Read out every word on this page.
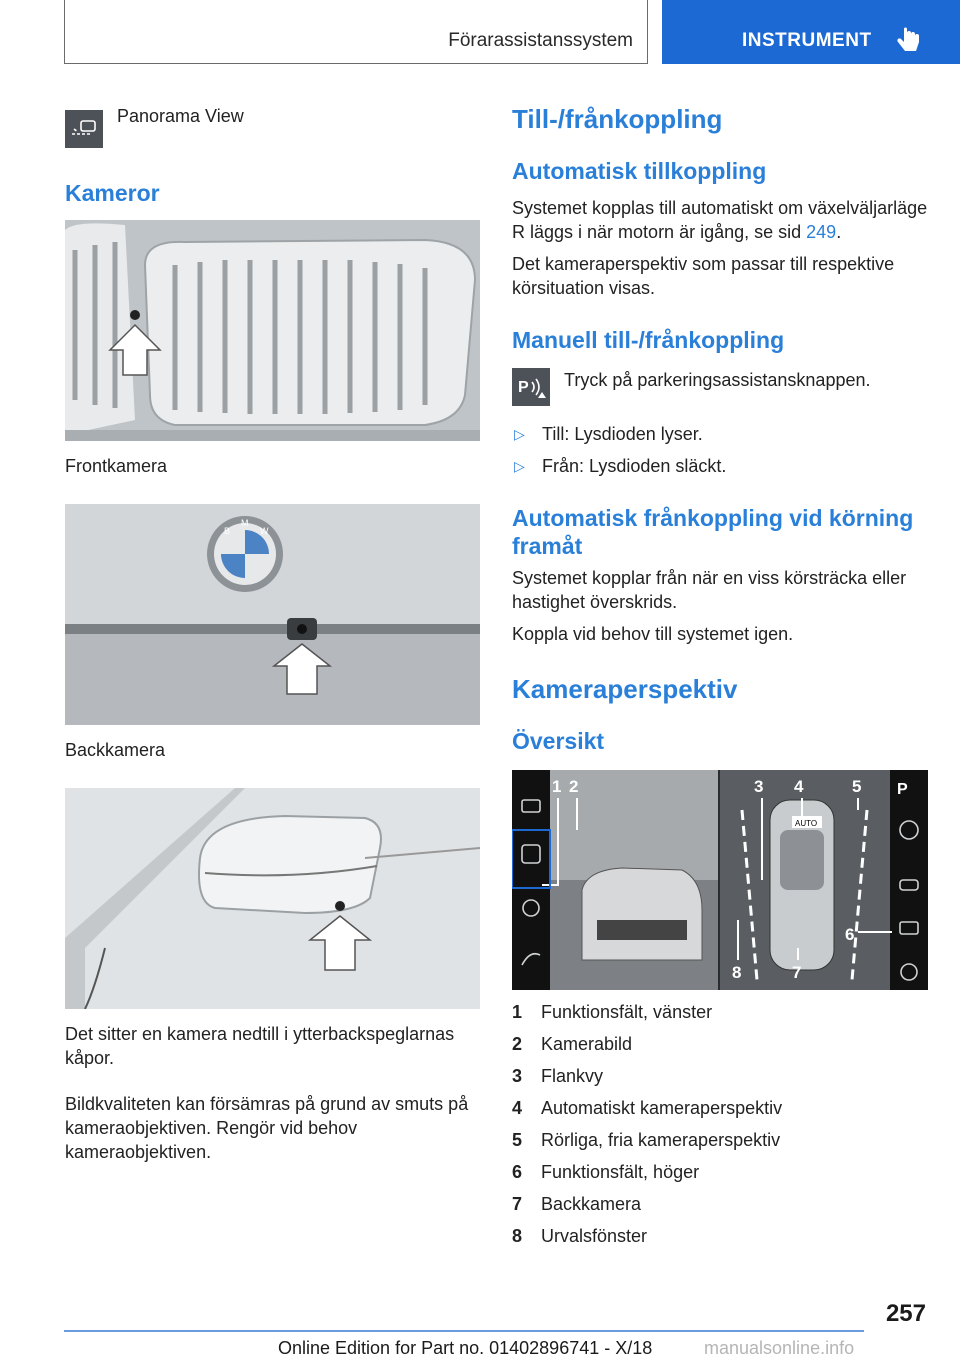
Förarassistanssystem	INSTRUMENT
Panorama View
Kameror
Frontkamera
B
M
W
Backkamera

Det sitter en kamera nedtill i ytterbackspeglarnas kåpor.

Bildkvaliteten kan försämras på grund av smuts på kameraobjektiven. Rengör vid behov kameraobjektiven.

Till-/frånkoppling
Automatisk tillkoppling

Systemet kopplas till automatiskt om växelväljarläge R läggs i när motorn är igång, se sid 249.

Det kameraperspektiv som passar till respektive körsituation visas.

Manuell till-/frånkoppling
P Tryck på parkeringsassistansknappen.

▷ Till: Lysdioden lyser.
▷ Från: Lysdioden släckt.
Automatisk frånkoppling vid körning framåt

Systemet kopplar från när en viss körsträcka eller hastighet överskrids.

Koppla vid behov till systemet igen.

Kameraperspektiv
Översikt
AUTO
P
1 2	3 4	5
6
7
8
1	Funktionsfält, vänster
2	Kamerabild
3	Flankvy
4	Automatiskt kameraperspektiv
5	Rörliga, fria kameraperspektiv
6	Funktionsfält, höger
7	Backkamera
8	Urvalsfönster
257
Online Edition for Part no. 01402896741 - X/18	manualsonline.info
